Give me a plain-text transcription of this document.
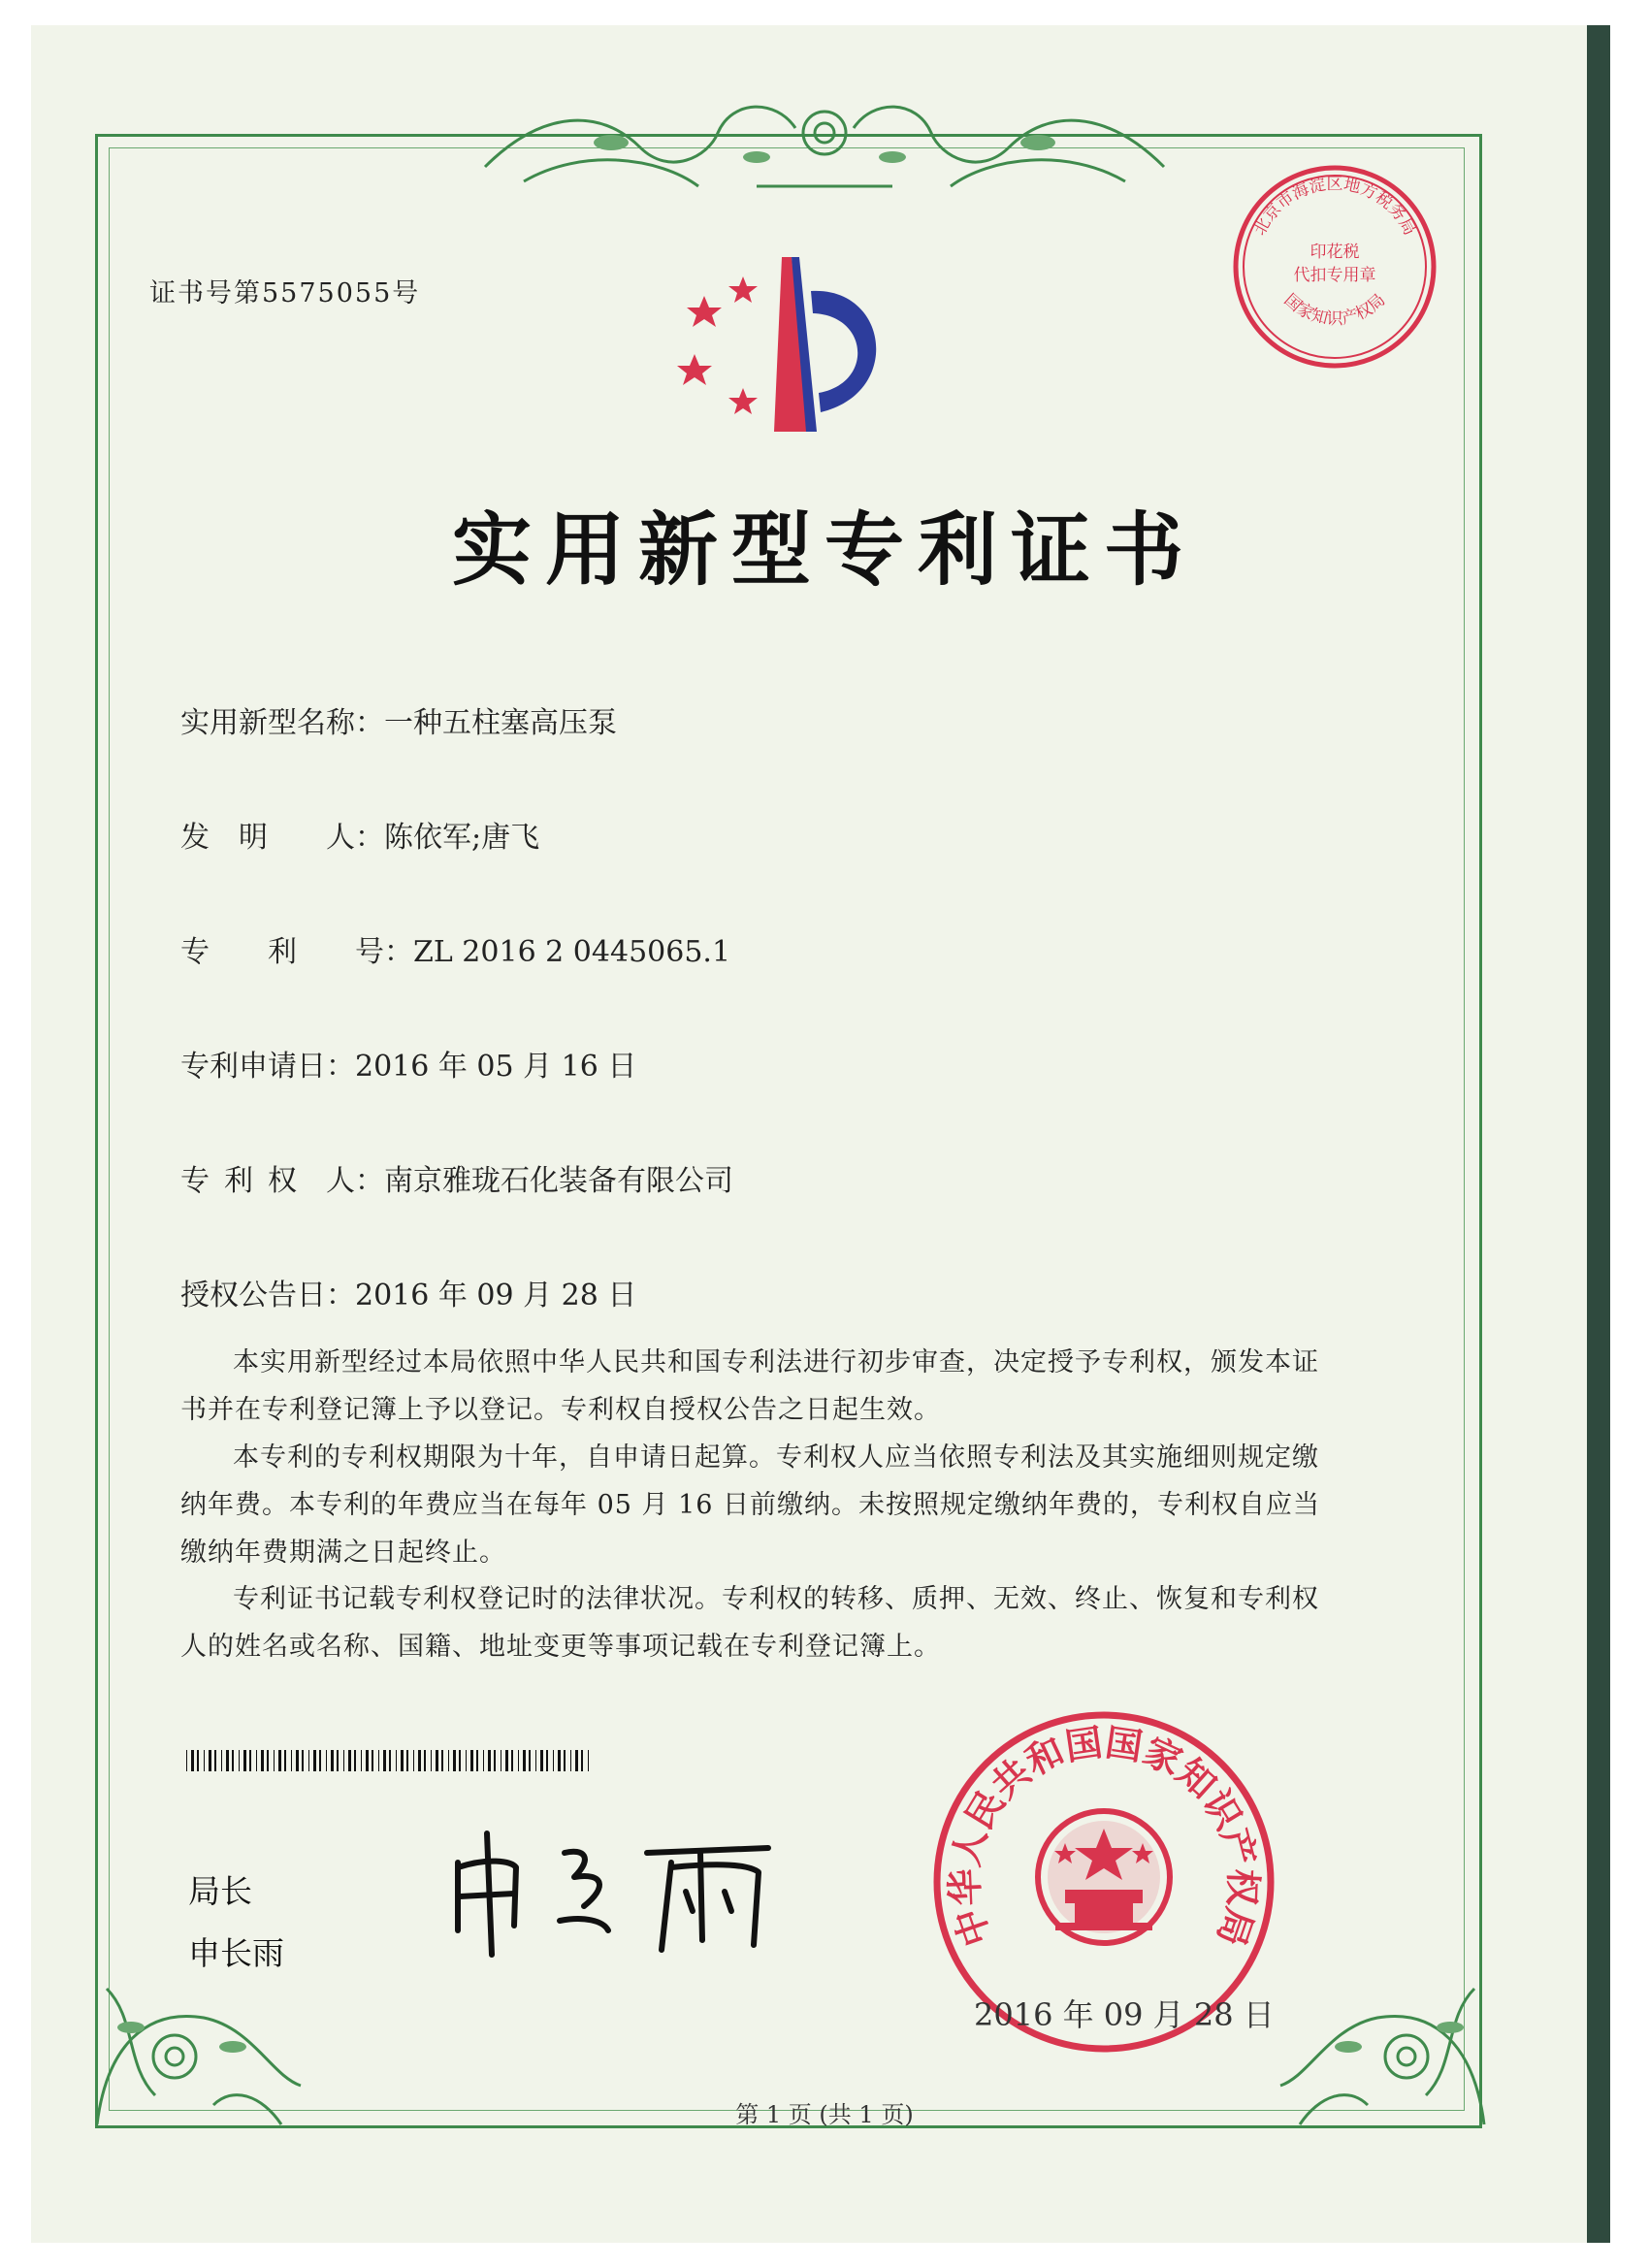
证书号第5575055号
实用新型专利证书
实用新型名称：一种五柱塞高压泵
发　明　　人：陈依军;唐飞
专　　利　　号：ZL 2016 2 0445065.1
专利申请日：2016 年 05 月 16 日
专 利 权  人：南京雅珑石化装备有限公司
授权公告日：2016 年 09 月 28 日
本实用新型经过本局依照中华人民共和国专利法进行初步审查，决定授予专利权，颁发本证书并在专利登记簿上予以登记。专利权自授权公告之日起生效。
本专利的专利权期限为十年，自申请日起算。专利权人应当依照专利法及其实施细则规定缴纳年费。本专利的年费应当在每年 05 月 16 日前缴纳。未按照规定缴纳年费的，专利权自应当缴纳年费期满之日起终止。
专利证书记载专利权登记时的法律状况。专利权的转移、质押、无效、终止、恢复和专利权人的姓名或名称、国籍、地址变更等事项记载在专利登记簿上。
局长
申长雨
北京市海淀区地方税务局
国家知识产权局
印花税
代扣专用章
中华人民共和国国家知识产权局
2016 年 09 月 28 日
第 1 页 (共 1 页)
